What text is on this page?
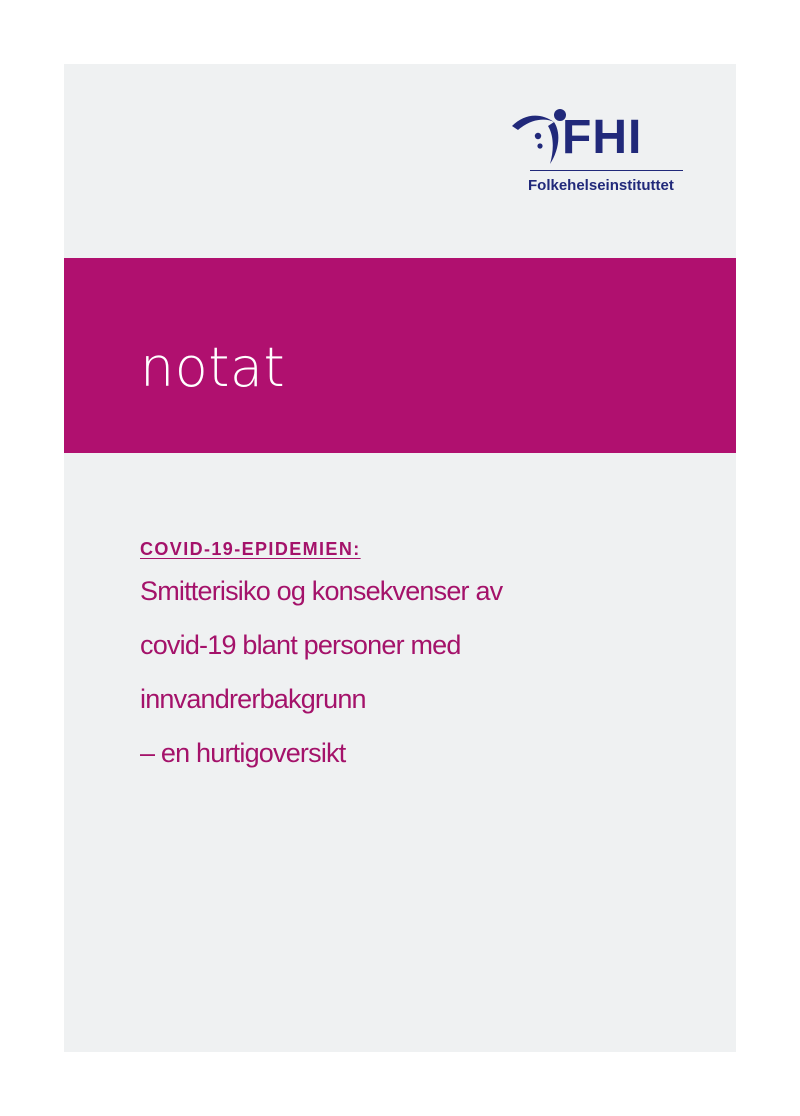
FHI
Folkehelseinstituttet
notat

COVID-19-EPIDEMIEN:

Smitterisiko og konsekvenser av
covid-19 blant personer med
innvandrerbakgrunn
– en hurtigoversikt
